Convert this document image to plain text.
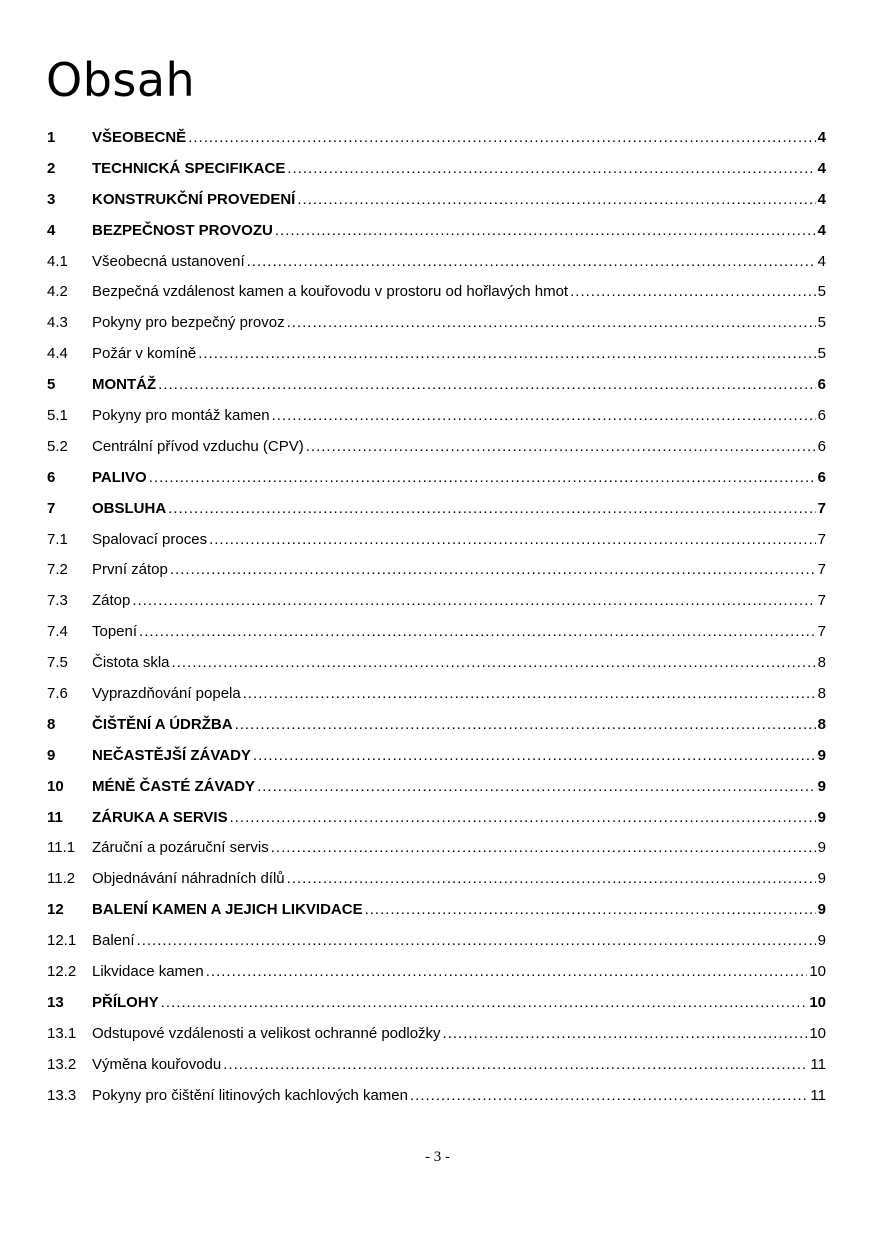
Obsah
1	VŠEOBECNĚ .....	4
2	TECHNICKÁ SPECIFIKACE .....	4
3	KONSTRUKČNÍ PROVEDENÍ .....	4
4	BEZPEČNOST PROVOZU .....	4
4.1	Všeobecná ustanovení .....	4
4.2	Bezpečná vzdálenost kamen a kouřovodu v prostoru od hořlavých hmot .....	5
4.3	Pokyny pro bezpečný provoz .....	5
4.4	Požár v komíně .....	5
5	MONTÁŽ .....	6
5.1	Pokyny pro montáž kamen .....	6
5.2	Centrální přívod vzduchu (CPV) .....	6
6	PALIVO .....	6
7	OBSLUHA .....	7
7.1	Spalovací proces .....	7
7.2	První zátop .....	7
7.3	Zátop .....	7
7.4	Topení .....	7
7.5	Čistota skla .....	8
7.6	Vyprazdňování popela .....	8
8	ČIŠTĚNÍ A ÚDRŽBA .....	8
9	NEČASTĚJŠÍ ZÁVADY .....	9
10	MÉNĚ ČASTÉ ZÁVADY .....	9
11	ZÁRUKA A SERVIS .....	9
11.1	Záruční a pozáruční servis .....	9
11.2	Objednávání náhradních dílů .....	9
12	BALENÍ KAMEN A JEJICH LIKVIDACE .....	9
12.1	Balení .....	9
12.2	Likvidace kamen .....	10
13	PŘÍLOHY .....	10
13.1	Odstupové vzdálenosti a velikost ochranné podložky .....	10
13.2	Výměna kouřovodu .....	11
13.3	Pokyny pro čištění litinových kachlových kamen .....	11
- 3 -
